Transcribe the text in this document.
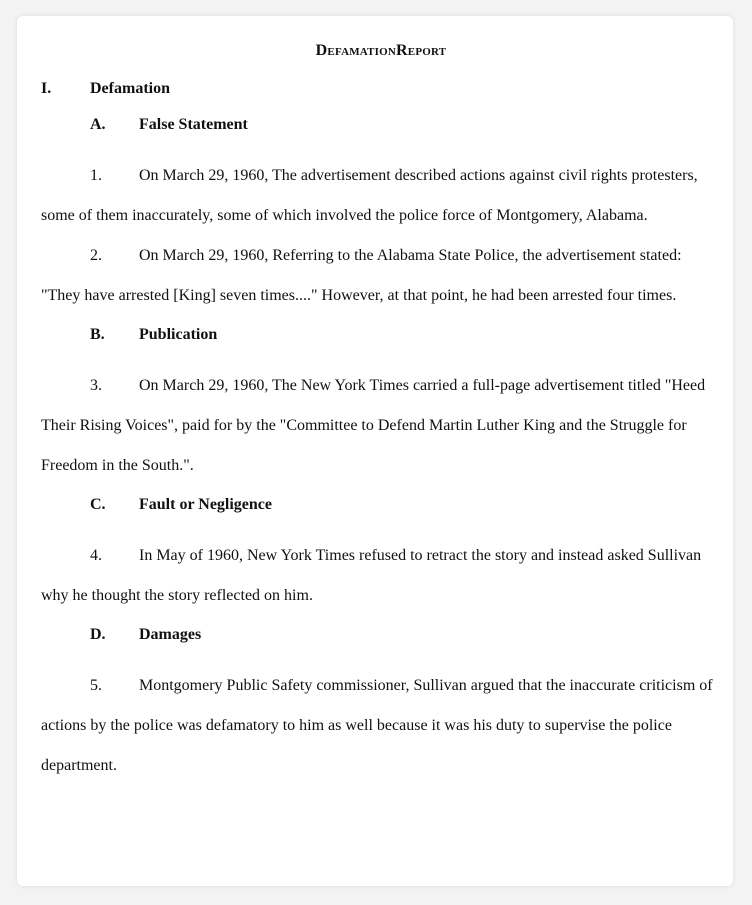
DefamationReport
I.	Defamation
A.	False Statement

1. On March 29, 1960, The advertisement described actions against civil rights protesters, some of them inaccurately, some of which involved the police force of Montgomery, Alabama.

2. On March 29, 1960, Referring to the Alabama State Police, the advertisement stated: "They have arrested [King] seven times...." However, at that point, he had been arrested four times.

B.	Publication

3. On March 29, 1960, The New York Times carried a full-page advertisement titled "Heed Their Rising Voices", paid for by the "Committee to Defend Martin Luther King and the Struggle for Freedom in the South.".

C.	Fault or Negligence

4. In May of 1960, New York Times refused to retract the story and instead asked Sullivan why he thought the story reflected on him.

D.	Damages

5. Montgomery Public Safety commissioner, Sullivan argued that the inaccurate criticism of actions by the police was defamatory to him as well because it was his duty to supervise the police department.
